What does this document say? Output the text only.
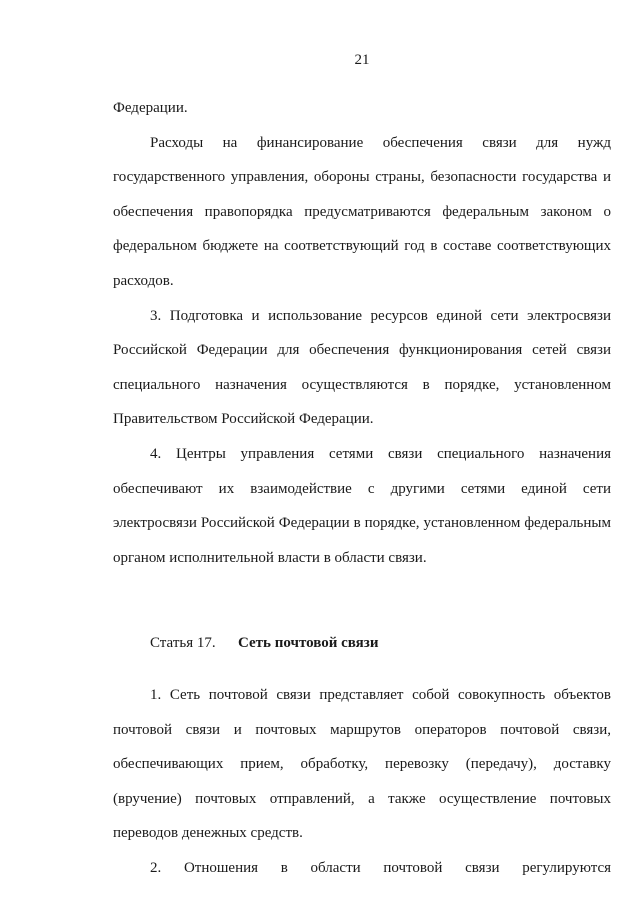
21

Федерации.

Расходы на финансирование обеспечения связи для нужд государственного управления, обороны страны, безопасности государства и обеспечения правопорядка предусматриваются федеральным законом о федеральном бюджете на соответствующий год в составе соответствующих расходов.

3. Подготовка и использование ресурсов единой сети электросвязи Российской Федерации для обеспечения функционирования сетей связи специального назначения осуществляются в порядке, установленном Правительством Российской Федерации.

4. Центры управления сетями связи специального назначения обеспечивают их взаимодействие с другими сетями единой сети электросвязи Российской Федерации в порядке, установленном федеральным органом исполнительной власти в области связи.

Статья 17. Сеть почтовой связи

1. Сеть почтовой связи представляет собой совокупность объектов почтовой связи и почтовых маршрутов операторов почтовой связи, обеспечивающих прием, обработку, перевозку (передачу), доставку (вручение) почтовых отправлений, а также осуществление почтовых переводов денежных средств.

2. Отношения в области почтовой связи регулируются
